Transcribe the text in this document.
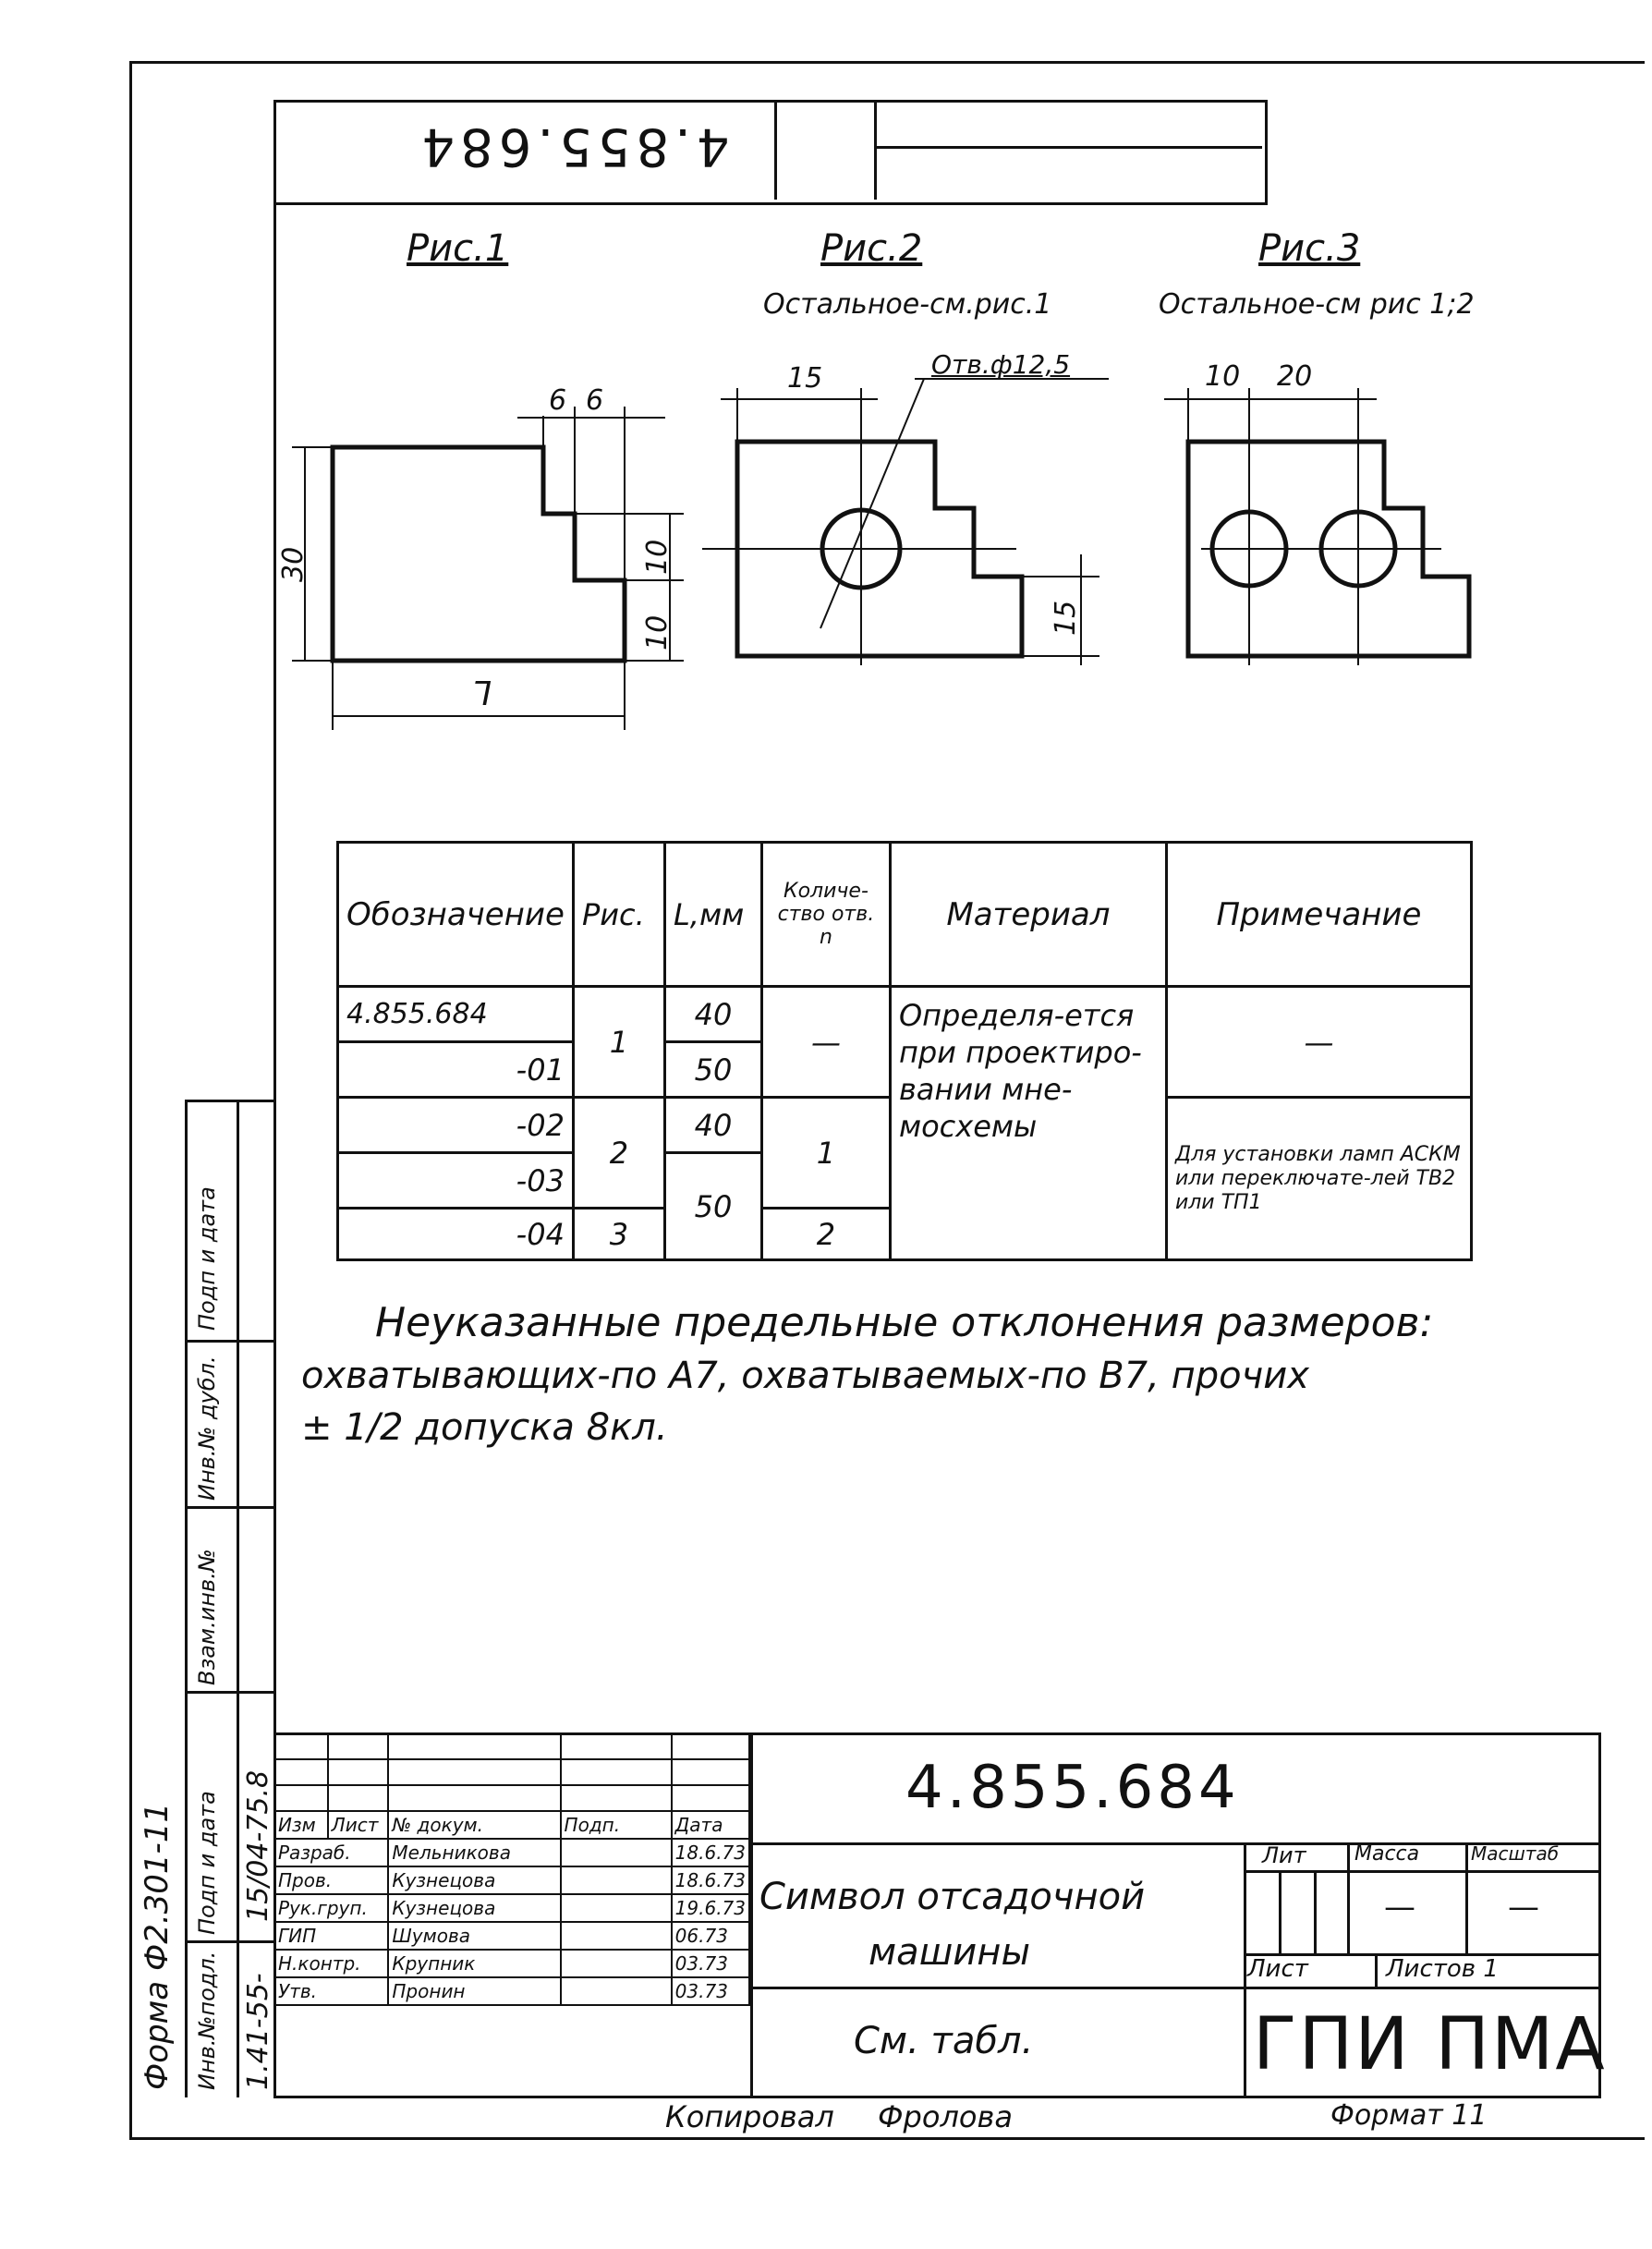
4.855.684
Рис.1	Рис.2
Остальное-см.рис.1
Рис.3
Остальное-см рис 1;2
6 6
30	10
10
L
15	Отв.ф12,5
15
10 20
Обозначение	Рис.	L,мм	Количе-ство отв. n	Материал	Примечание
4.855.684	1	40	—	Определя-ется при проектиро-вании мне-мосхемы	—
-01		50			
-02	2	40	1		Для установки ламп АСКМ или переключате-лей ТВ2 или ТП1
-03		50			
-04	3		2		
Неуказанные предельные отклонения размеров:
охватывающих-по А7, охватываемых-по В7, прочих
± 1/2 допуска 8кл.
Форма Ф2.301-11
Подп и дата
Инв.№ дубл.
Взам.инв.№
Подп и дата
Инв.№подл. 1.41-55-
15/04-75.8

				Изм	Лист	№ докум.	Подп.	Дата
Разраб.		Мельникова		18.6.73
Пров.		Кузнецова		18.6.73
Рук.груп.		Кузнецова		19.6.73
ГИП		Шумова		06.73
Н.контр.		Крупник		03.73
Утв.		Пронин		03.73
4.855.684
Символ отсадочной
машины
См. табл.
Лит Масса	Масштаб
—	—
Лист	Листов 1
ГПИ ПМА
Копировал Фролова	Формат 11
